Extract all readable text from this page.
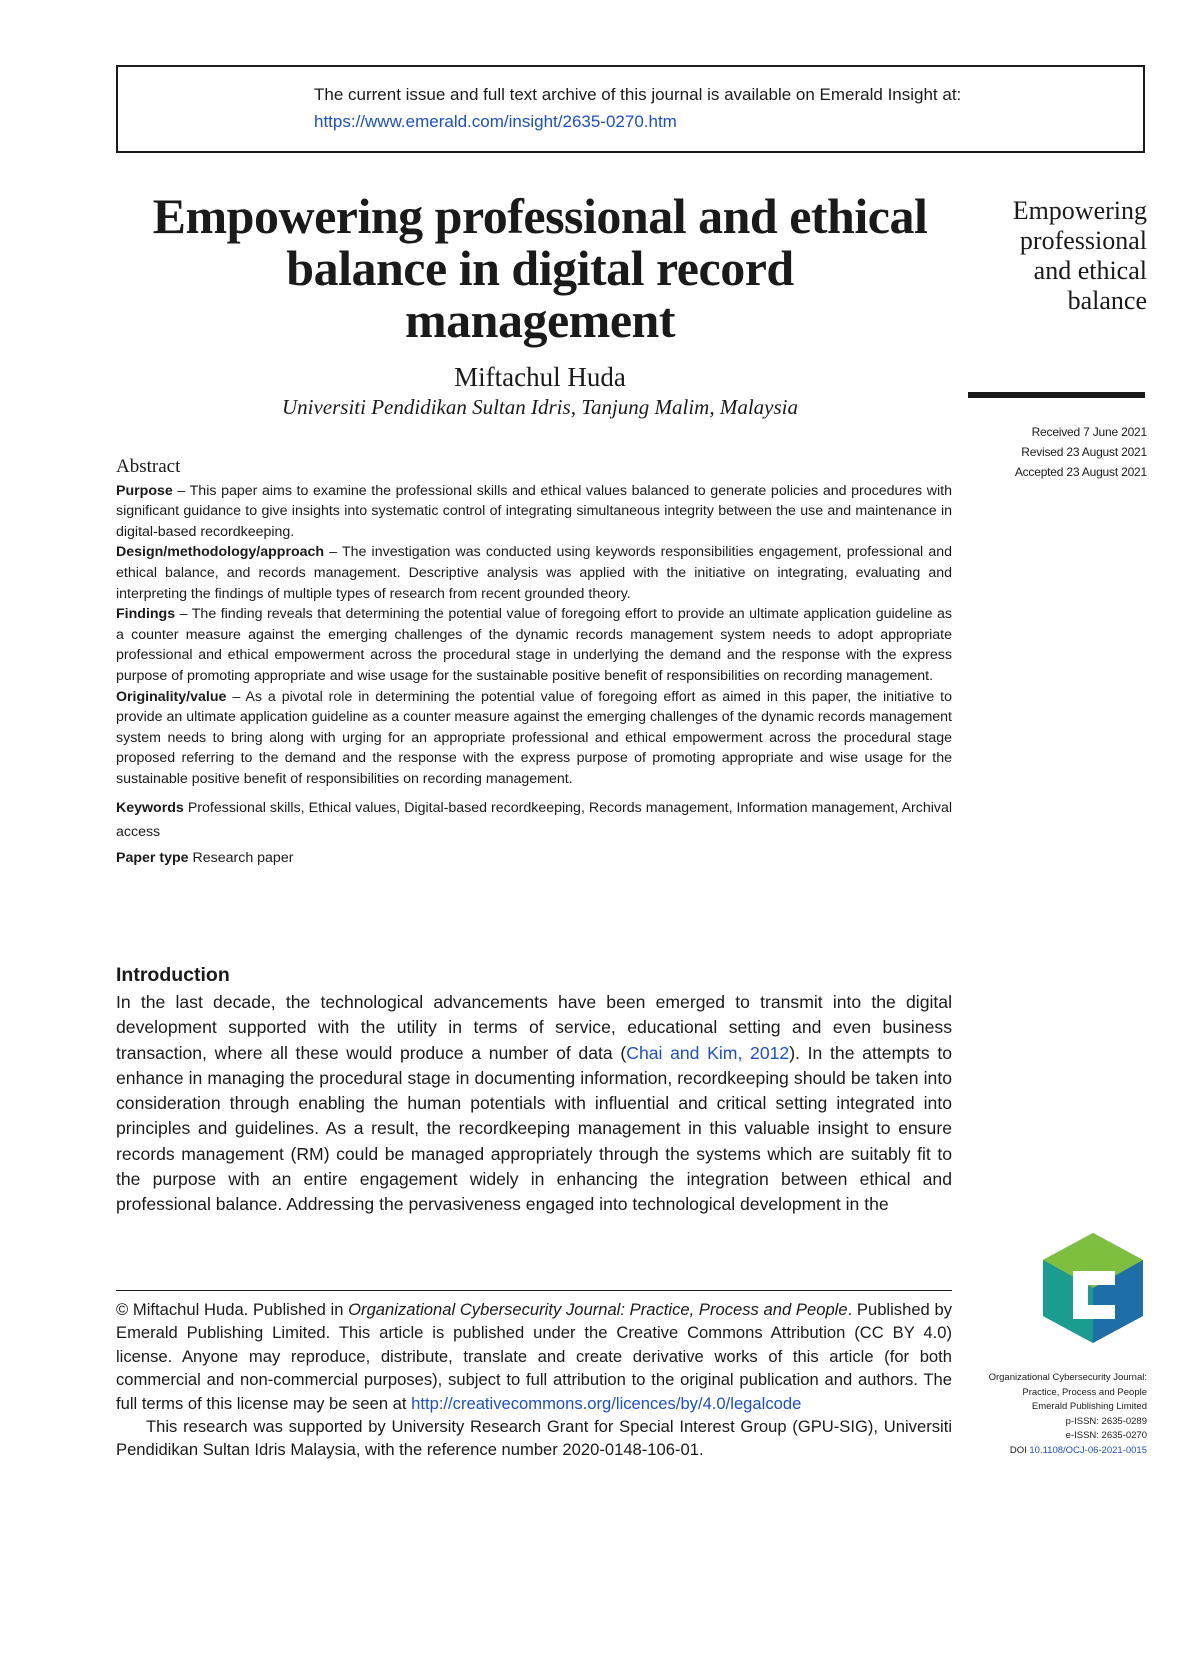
The current issue and full text archive of this journal is available on Emerald Insight at:
https://www.emerald.com/insight/2635-0270.htm
Empowering professional and ethical balance in digital record management
Miftachul Huda
Universiti Pendidikan Sultan Idris, Tanjung Malim, Malaysia
Empowering
professional
and ethical
balance
Received 7 June 2021
Revised 23 August 2021
Accepted 23 August 2021
Abstract

Purpose – This paper aims to examine the professional skills and ethical values balanced to generate policies and procedures with significant guidance to give insights into systematic control of integrating simultaneous integrity between the use and maintenance in digital-based recordkeeping.

Design/methodology/approach – The investigation was conducted using keywords responsibilities engagement, professional and ethical balance, and records management. Descriptive analysis was applied with the initiative on integrating, evaluating and interpreting the findings of multiple types of research from recent grounded theory.

Findings – The finding reveals that determining the potential value of foregoing effort to provide an ultimate application guideline as a counter measure against the emerging challenges of the dynamic records management system needs to adopt appropriate professional and ethical empowerment across the procedural stage in underlying the demand and the response with the express purpose of promoting appropriate and wise usage for the sustainable positive benefit of responsibilities on recording management.

Originality/value – As a pivotal role in determining the potential value of foregoing effort as aimed in this paper, the initiative to provide an ultimate application guideline as a counter measure against the emerging challenges of the dynamic records management system needs to bring along with urging for an appropriate professional and ethical empowerment across the procedural stage proposed referring to the demand and the response with the express purpose of promoting appropriate and wise usage for the sustainable positive benefit of responsibilities on recording management.

Keywords Professional skills, Ethical values, Digital-based recordkeeping, Records management, Information management, Archival access

Paper type Research paper

Introduction

In the last decade, the technological advancements have been emerged to transmit into the digital development supported with the utility in terms of service, educational setting and even business transaction, where all these would produce a number of data (Chai and Kim, 2012). In the attempts to enhance in managing the procedural stage in documenting information, recordkeeping should be taken into consideration through enabling the human potentials with influential and critical setting integrated into principles and guidelines. As a result, the recordkeeping management in this valuable insight to ensure records management (RM) could be managed appropriately through the systems which are suitably fit to the purpose with an entire engagement widely in enhancing the integration between ethical and professional balance. Addressing the pervasiveness engaged into technological development in the

© Miftachul Huda. Published in Organizational Cybersecurity Journal: Practice, Process and People. Published by Emerald Publishing Limited. This article is published under the Creative Commons Attribution (CC BY 4.0) license. Anyone may reproduce, distribute, translate and create derivative works of this article (for both commercial and non-commercial purposes), subject to full attribution to the original publication and authors. The full terms of this license may be seen at http://creativecommons.org/licences/by/4.0/legalcode

This research was supported by University Research Grant for Special Interest Group (GPU-SIG), Universiti Pendidikan Sultan Idris Malaysia, with the reference number 2020-0148-106-01.

Organizational Cybersecurity Journal: Practice, Process and People
Emerald Publishing Limited
p-ISSN: 2635-0289
e-ISSN: 2635-0270
DOI 10.1108/OCJ-06-2021-0015
